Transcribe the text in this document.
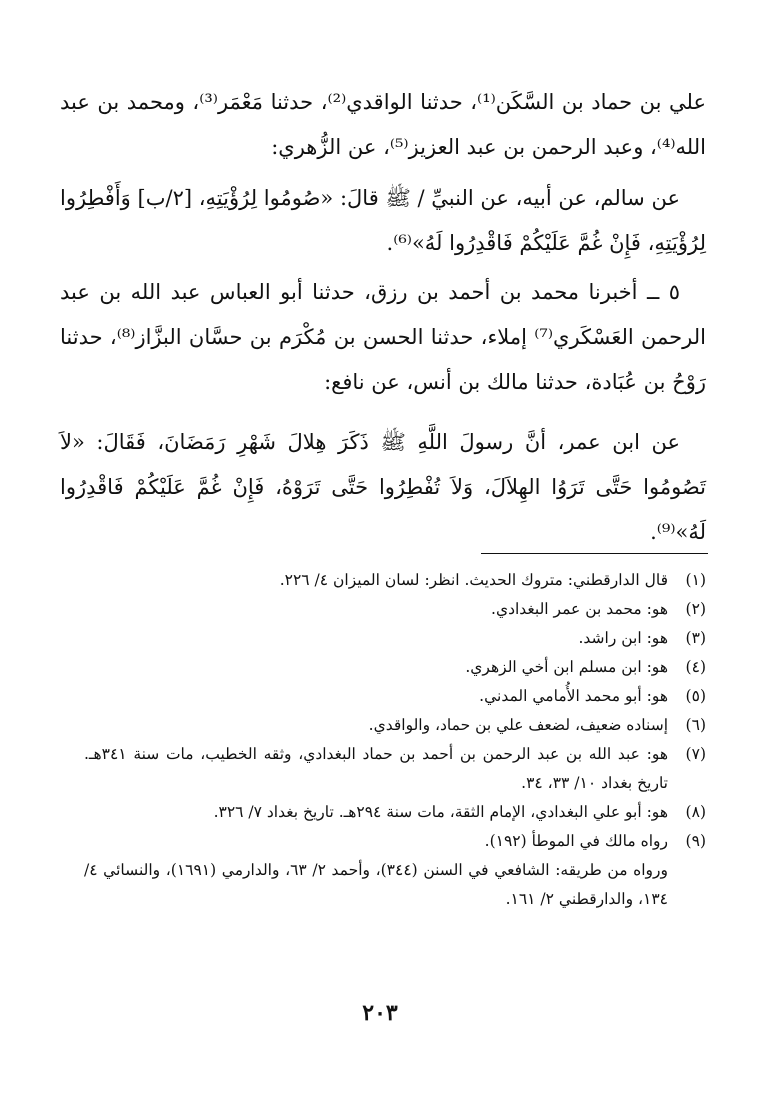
علي بن حماد بن السَّكَن⁽¹⁾، حدثنا الواقدي⁽²⁾، حدثنا مَعْمَر⁽³⁾، ومحمد بن عبد الله⁽⁴⁾، وعبد الرحمن بن عبد العزيز⁽⁵⁾، عن الزُّهري:

عن سالم، عن أبيه، عن النبيِّ / ﷺ قالَ: «صُومُوا لِرُؤْيَتِهِ، [٢/ب] وَأَفْطِرُوا لِرُؤْيَتِهِ، فَإِنْ غُمَّ عَلَيْكُمْ فَاقْدِرُوا لَهُ»⁽⁶⁾.

٥ ــ أخبرنا محمد بن أحمد بن رزق، حدثنا أبو العباس عبد الله بن عبد الرحمن العَسْكَري⁽⁷⁾ إملاء، حدثنا الحسن بن مُكْرَم بن حسَّان البزَّاز⁽⁸⁾، حدثنا رَوْحُ بن عُبَادة، حدثنا مالك بن أنس، عن نافع:

عن ابن عمر، أنَّ رسولَ اللَّهِ ﷺ ذَكَرَ هِلالَ شَهْرِ رَمَضَانَ، فَقَالَ: «لاَ تَصُومُوا حَتَّى تَرَوُا الهِلاَلَ، وَلاَ تُفْطِرُوا حَتَّى تَرَوْهُ، فَإِنْ غُمَّ عَلَيْكُمْ فَاقْدِرُوا لَهُ»⁽⁹⁾.

(١)
قال الدارقطني: متروك الحديث. انظر: لسان الميزان ٤/ ٢٢٦.
(٢)
هو: محمد بن عمر البغدادي.
(٣)
هو: ابن راشد.
(٤)
هو: ابن مسلم ابن أخي الزهري.
(٥)
هو: أبو محمد الأُمامي المدني.
(٦)
إسناده ضعيف، لضعف علي بن حماد، والواقدي.
(٧)
هو: عبد الله بن عبد الرحمن بن أحمد بن حماد البغدادي، وثقه الخطيب، مات سنة ٣٤١هـ. تاريخ بغداد ١٠/ ٣٣، ٣٤.
(٨)
هو: أبو علي البغدادي، الإمام الثقة، مات سنة ٢٩٤هـ. تاريخ بغداد ٧/ ٣٢٦.
(٩)
رواه مالك في الموطأ (١٩٢).
ورواه من طريقه: الشافعي في السنن (٣٤٤)، وأحمد ٢/ ٦٣، والدارمي (١٦٩١)، والنسائي ٤/ ١٣٤، والدارقطني ٢/ ١٦١.
٢٠٣
